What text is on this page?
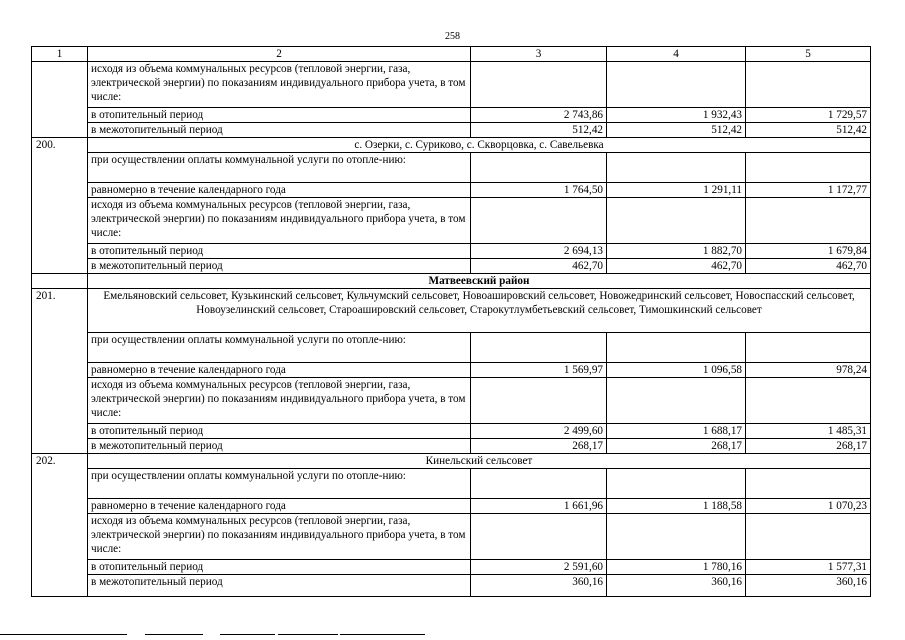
258
1	2	3	4	5
	исходя из объема коммунальных ресурсов (тепловой энергии, газа, электрической энергии) по показаниям индивидуального прибора учета, в том числе:			
	в отопительный период	2 743,86	1 932,43	1 729,57
	в межотопительный период	512,42	512,42	512,42
200.	с. Озерки, с. Суриково, с. Скворцовка, с. Савельевка			
	при осуществлении оплаты коммунальной услуги по отопле-нию:			
	равномерно в течение календарного года	1 764,50	1 291,11	1 172,77
	исходя из объема коммунальных ресурсов (тепловой энергии, газа, электрической энергии) по показаниям индивидуального прибора учета, в том числе:			
	в отопительный период	2 694,13	1 882,70	1 679,84
	в межотопительный период	462,70	462,70	462,70
	Матвеевский район			
201.	Емельяновский сельсовет, Кузькинский сельсовет, Кульчумский сельсовет, Новоашировский сельсовет, Новожедринский сельсовет, Новоспасский сельсовет, Новоузелинский сельсовет, Староашировский сельсовет, Старокутлумбетьевский сельсовет, Тимошкинский сельсовет			
	при осуществлении оплаты коммунальной услуги по отопле-нию:			
	равномерно в течение календарного года	1 569,97	1 096,58	978,24
	исходя из объема коммунальных ресурсов (тепловой энергии, газа, электрической энергии) по показаниям индивидуального прибора учета, в том числе:			
	в отопительный период	2 499,60	1 688,17	1 485,31
	в межотопительный период	268,17	268,17	268,17
202.	Кинельский сельсовет			
	при осуществлении оплаты коммунальной услуги по отопле-нию:			
	равномерно в течение календарного года	1 661,96	1 188,58	1 070,23
	исходя из объема коммунальных ресурсов (тепловой энергии, газа, электрической энергии) по показаниям индивидуального прибора учета, в том числе:			
	в отопительный период	2 591,60	1 780,16	1 577,31
	в межотопительный период	360,16	360,16	360,16
